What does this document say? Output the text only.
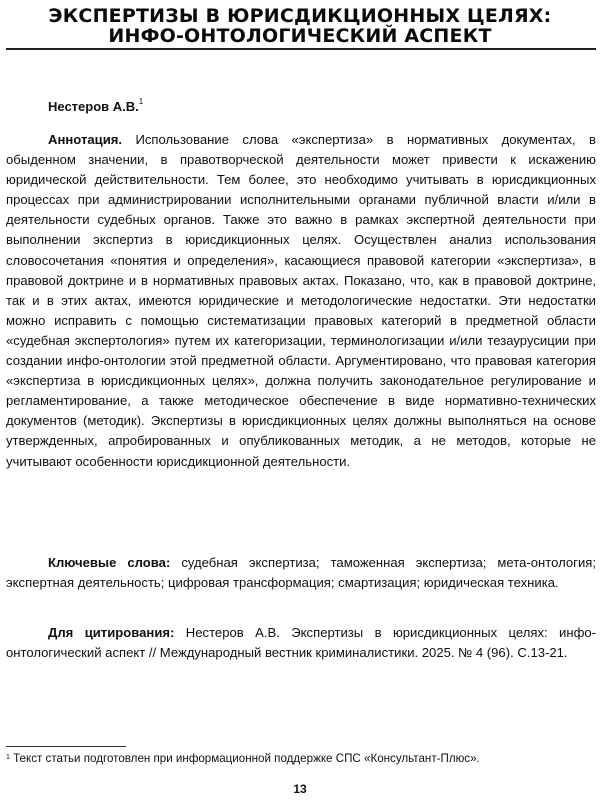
ЭКСПЕРТИЗЫ В ЮРИСДИКЦИОННЫХ ЦЕЛЯХ:
ИНФО-ОНТОЛОГИЧЕСКИЙ АСПЕКТ
Нестеров А.В.$^1$
Аннотация. Использование слова «экспертиза» в нормативных документах, в обыденном значении, в правотворческой деятельности может привести к искажению юридической действительности. Тем более, это необходимо учитывать в юрисдикционных процессах при администрировании исполнительными органами публичной власти и/или в деятельности судебных органов. Также это важно в рамках экспертной деятельности при выполнении экспертиз в юрисдикционных целях. Осуществлен анализ использования словосочетания «понятия и определения», касающиеся правовой категории «экспертиза», в правовой доктрине и в нормативных правовых актах. Показано, что, как в правовой доктрине, так и в этих актах, имеются юридические и методологические недостатки. Эти недостатки можно исправить с помощью систематизации правовых категорий в предметной области «судебная экспертология» путем их категоризации, терминологизации и/или тезаурусиции при создании инфо-онтологии этой предметной области. Аргументировано, что правовая категория «экспертиза в юрисдикционных целях», должна получить законодательное регулирование и регламентирование, а также методическое обеспечение в виде нормативно-технических документов (методик). Экспертизы в юрисдикционных целях должны выполняться на основе утвержденных, апробированных и опубликованных методик, а не методов, которые не учитывают особенности юрисдикционной деятельности.
Ключевые слова: судебная экспертиза; таможенная экспертиза; мета-онтология; экспертная деятельность; цифровая трансформация; смартизация; юридическая техника.
Для цитирования: Нестеров А.В. Экспертизы в юрисдикционных целях: инфо-онтологический аспект // Международный вестник криминалистики. 2025. № 4 (96). С.13-21.
$^1$ Текст статьи подготовлен при информационной поддержке СПС «Консультант-Плюс».
13
